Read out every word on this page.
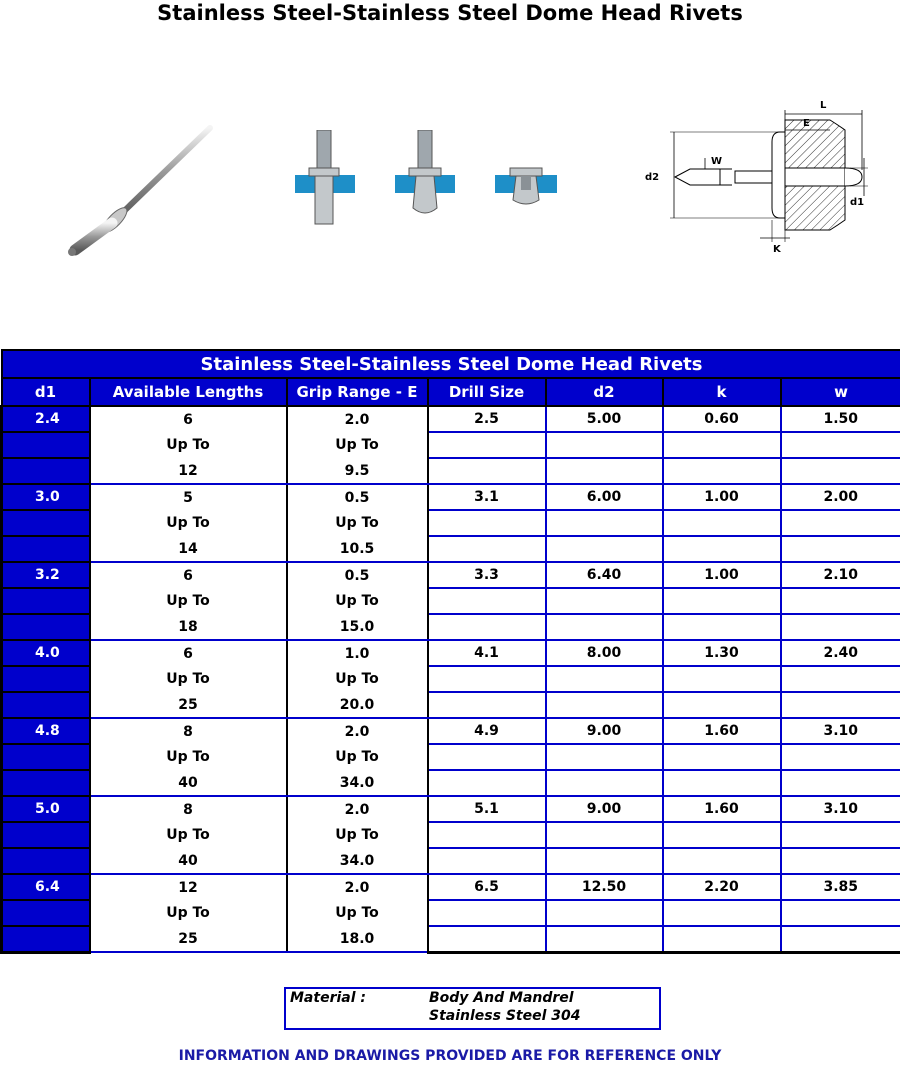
Stainless Steel-Stainless Steel Dome Head Rivets
L
E
W
d2
d1
K
Stainless Steel-Stainless Steel Dome Head Rivets						
d1	Available Lengths	Grip Range - E	Drill Size	d2	k	w
2.4	6	2.0	2.5	5.00	0.60	1.50
	Up To	Up To				
	12	9.5				
3.0	5	0.5	3.1	6.00	1.00	2.00
	Up To	Up To				
	14	10.5				
3.2	6	0.5	3.3	6.40	1.00	2.10
	Up To	Up To				
	18	15.0				
4.0	6	1.0	4.1	8.00	1.30	2.40
	Up To	Up To				
	25	20.0				
4.8	8	2.0	4.9	9.00	1.60	3.10
	Up To	Up To				
	40	34.0				
5.0	8	2.0	5.1	9.00	1.60	3.10
	Up To	Up To				
	40	34.0				
6.4	12	2.0	6.5	12.50	2.20	3.85
	Up To	Up To				
	25	18.0				
Material :	Body And Mandrel
Stainless Steel 304
INFORMATION AND DRAWINGS PROVIDED ARE FOR REFERENCE ONLY
